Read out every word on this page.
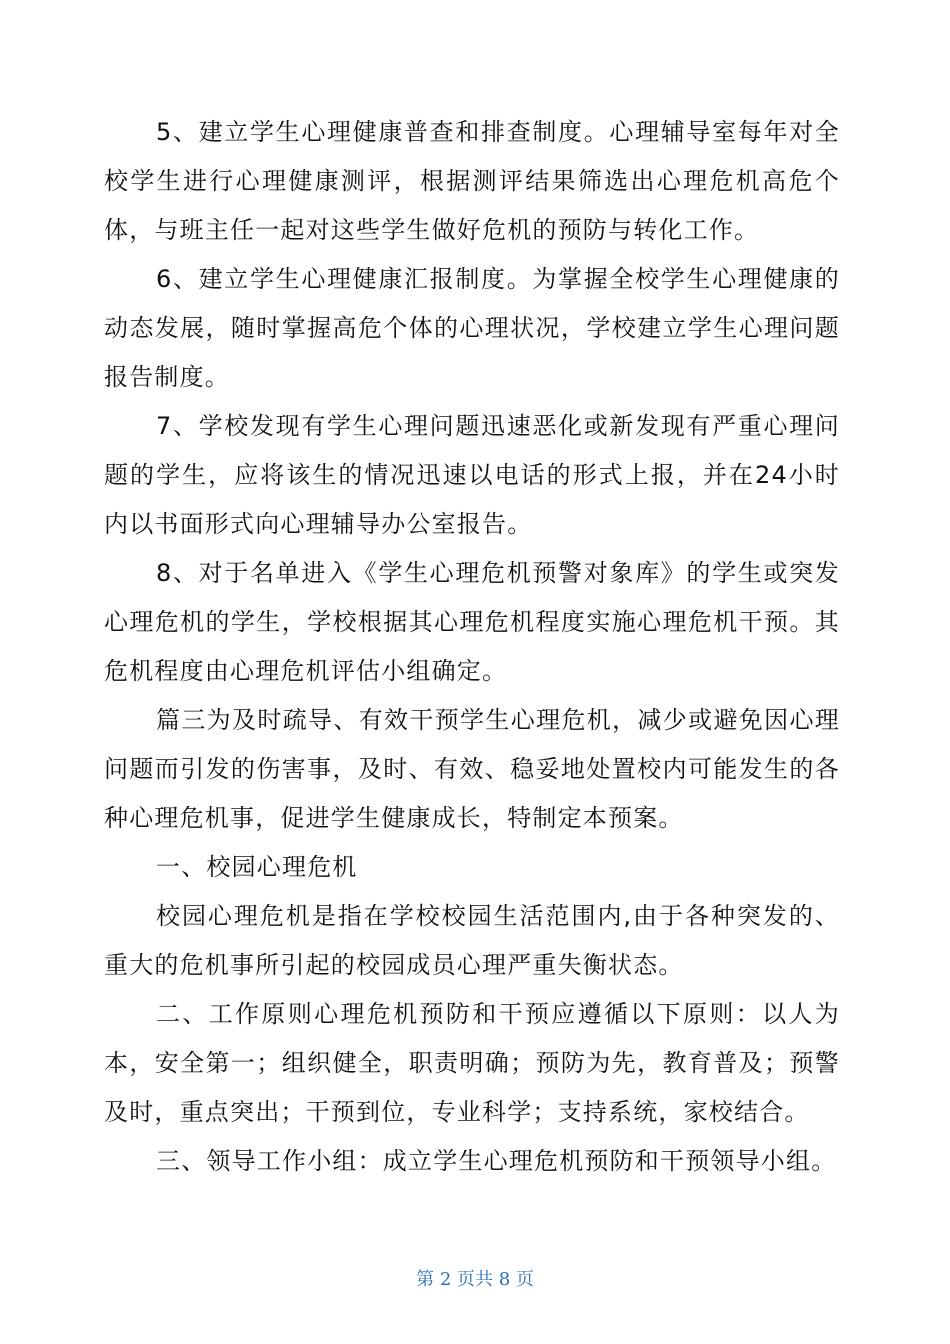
5、建立学生心理健康普查和排查制度。心理辅导室每年对全校学生进行心理健康测评，根据测评结果筛选出心理危机高危个体，与班主任一起对这些学生做好危机的预防与转化工作。

6、建立学生心理健康汇报制度。为掌握全校学生心理健康的动态发展，随时掌握高危个体的心理状况，学校建立学生心理问题报告制度。

7、学校发现有学生心理问题迅速恶化或新发现有严重心理问题的学生，应将该生的情况迅速以电话的形式上报，并在24小时内以书面形式向心理辅导办公室报告。

8、对于名单进入《学生心理危机预警对象库》的学生或突发心理危机的学生，学校根据其心理危机程度实施心理危机干预。其危机程度由心理危机评估小组确定。

篇三为及时疏导、有效干预学生心理危机，减少或避免因心理问题而引发的伤害事，及时、有效、稳妥地处置校内可能发生的各种心理危机事，促进学生健康成长，特制定本预案。

一、校园心理危机

校园心理危机是指在学校校园生活范围内,由于各种突发的、重大的危机事所引起的校园成员心理严重失衡状态。

二、工作原则心理危机预防和干预应遵循以下原则：以人为本，安全第一；组织健全，职责明确；预防为先，教育普及；预警及时，重点突出；干预到位，专业科学；支持系统，家校结合。

三、领导工作小组：成立学生心理危机预防和干预领导小组。

第 2 页共 8 页
